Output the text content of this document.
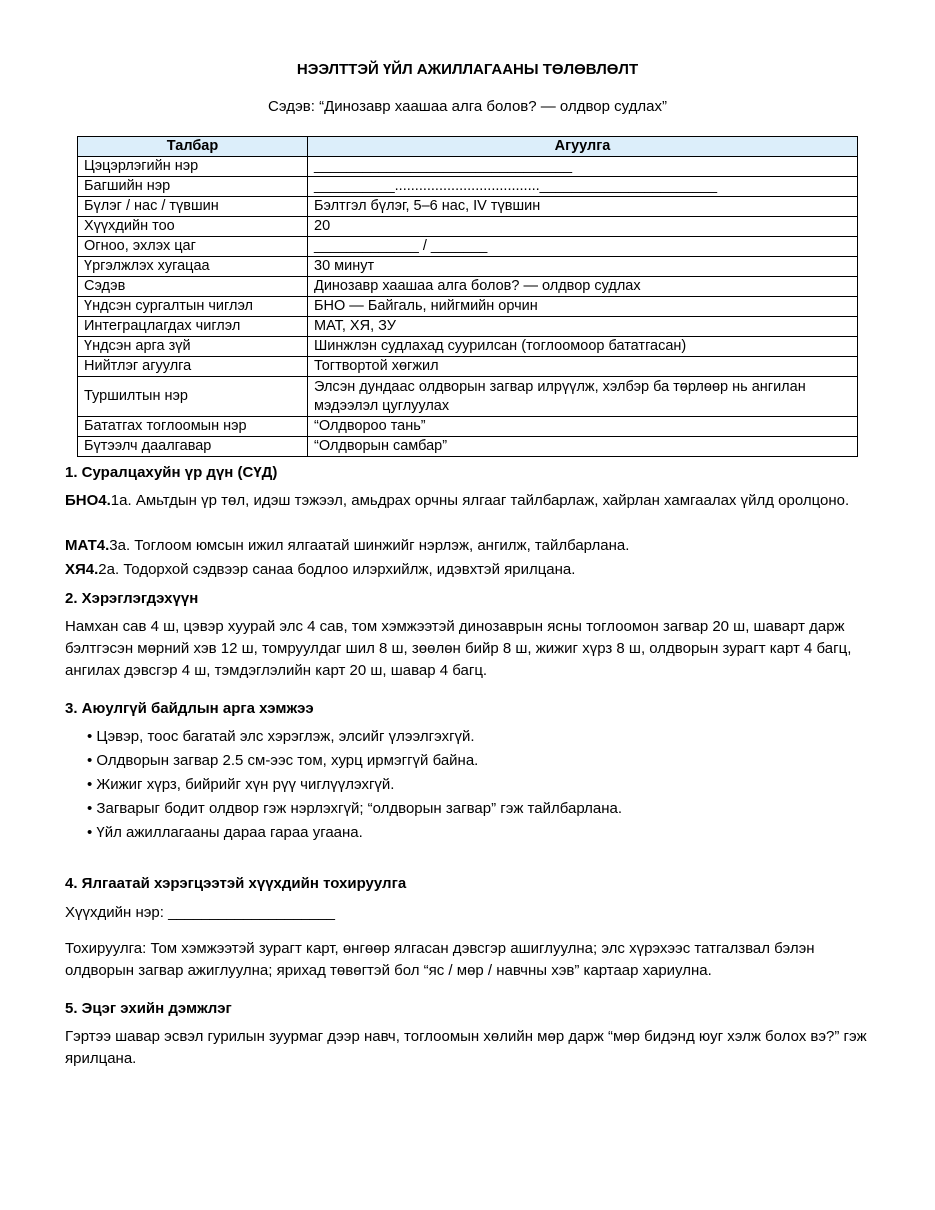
НЭЭЛТТЭЙ ҮЙЛ АЖИЛЛАГААНЫ ТӨЛӨВЛӨЛТ
Сэдэв: “Динозавр хаашаа алга болов? — олдвор судлах”
Талбар	Агуулга
Цэцэрлэгийн нэр	________________________________
Багшийн нэр	__________....................................______________________
Бүлэг / нас / түвшин	Бэлтгэл бүлэг, 5–6 нас, IV түвшин
Хүүхдийн тоо	20
Огноо, эхлэх цаг	_____________ / _______
Үргэлжлэх хугацаа	30 минут
Сэдэв	Динозавр хаашаа алга болов? — олдвор судлах
Үндсэн сургалтын чиглэл	БНО — Байгаль, нийгмийн орчин
Интеграцлагдах чиглэл	МАТ, ХЯ, ЗУ
Үндсэн арга зүй	Шинжлэн судлахад суурилсан (тоглоомоор бататгасан)
Нийтлэг агуулга	Тогтвортой хөгжил
Туршилтын нэр	Элсэн дундаас олдворын загвар илрүүлж, хэлбэр ба төрлөөр нь ангилан мэдээлэл цуглуулах
Бататгах тоглоомын нэр	“Олдвороо тань”
Бүтээлч даалгавар	“Олдворын самбар”
1. Суралцахуйн үр дүн (СҮД)
БНО4.1а. Амьтдын үр төл, идэш тэжээл, амьдрах орчны ялгааг тайлбарлаж, хайрлан хамгаалах үйлд оролцоно.
МАТ4.3а. Тоглоом юмсын ижил ялгаатай шинжийг нэрлэж, ангилж, тайлбарлана.
ХЯ4.2а. Тодорхой сэдвээр санаа бодлоо илэрхийлж, идэвхтэй ярилцана.
2. Хэрэглэгдэхүүн
Намхан сав 4 ш, цэвэр хуурай элс 4 сав, том хэмжээтэй динозаврын ясны тоглоомон загвар 20 ш, шаварт дарж бэлтгэсэн мөрний хэв 12 ш, томруулдаг шил 8 ш, зөөлөн бийр 8 ш, жижиг хүрз 8 ш, олдворын зурагт карт 4 багц, ангилах дэвсгэр 4 ш, тэмдэглэлийн карт 20 ш, шавар 4 багц.
3. Аюулгүй байдлын арга хэмжээ
• Цэвэр, тоос багатай элс хэрэглэж, элсийг үлээлгэхгүй.
• Олдворын загвар 2.5 см-ээс том, хурц ирмэггүй байна.
• Жижиг хүрз, бийрийг хүн рүү чиглүүлэхгүй.
• Загварыг бодит олдвор гэж нэрлэхгүй; “олдворын загвар” гэж тайлбарлана.
• Үйл ажиллагааны дараа гараа угаана.
4. Ялгаатай хэрэгцээтэй хүүхдийн тохируулга
Хүүхдийн нэр: ____________________
Тохируулга: Том хэмжээтэй зурагт карт, өнгөөр ялгасан дэвсгэр ашиглуулна; элс хүрэхээс татгалзвал бэлэн олдворын загвар ажиглуулна; ярихад төвөгтэй бол “яс / мөр / навчны хэв” картаар хариулна.
5. Эцэг эхийн дэмжлэг
Гэртээ шавар эсвэл гурилын зуурмаг дээр навч, тоглоомын хөлийн мөр дарж “мөр бидэнд юуг хэлж болох вэ?” гэж ярилцана.
